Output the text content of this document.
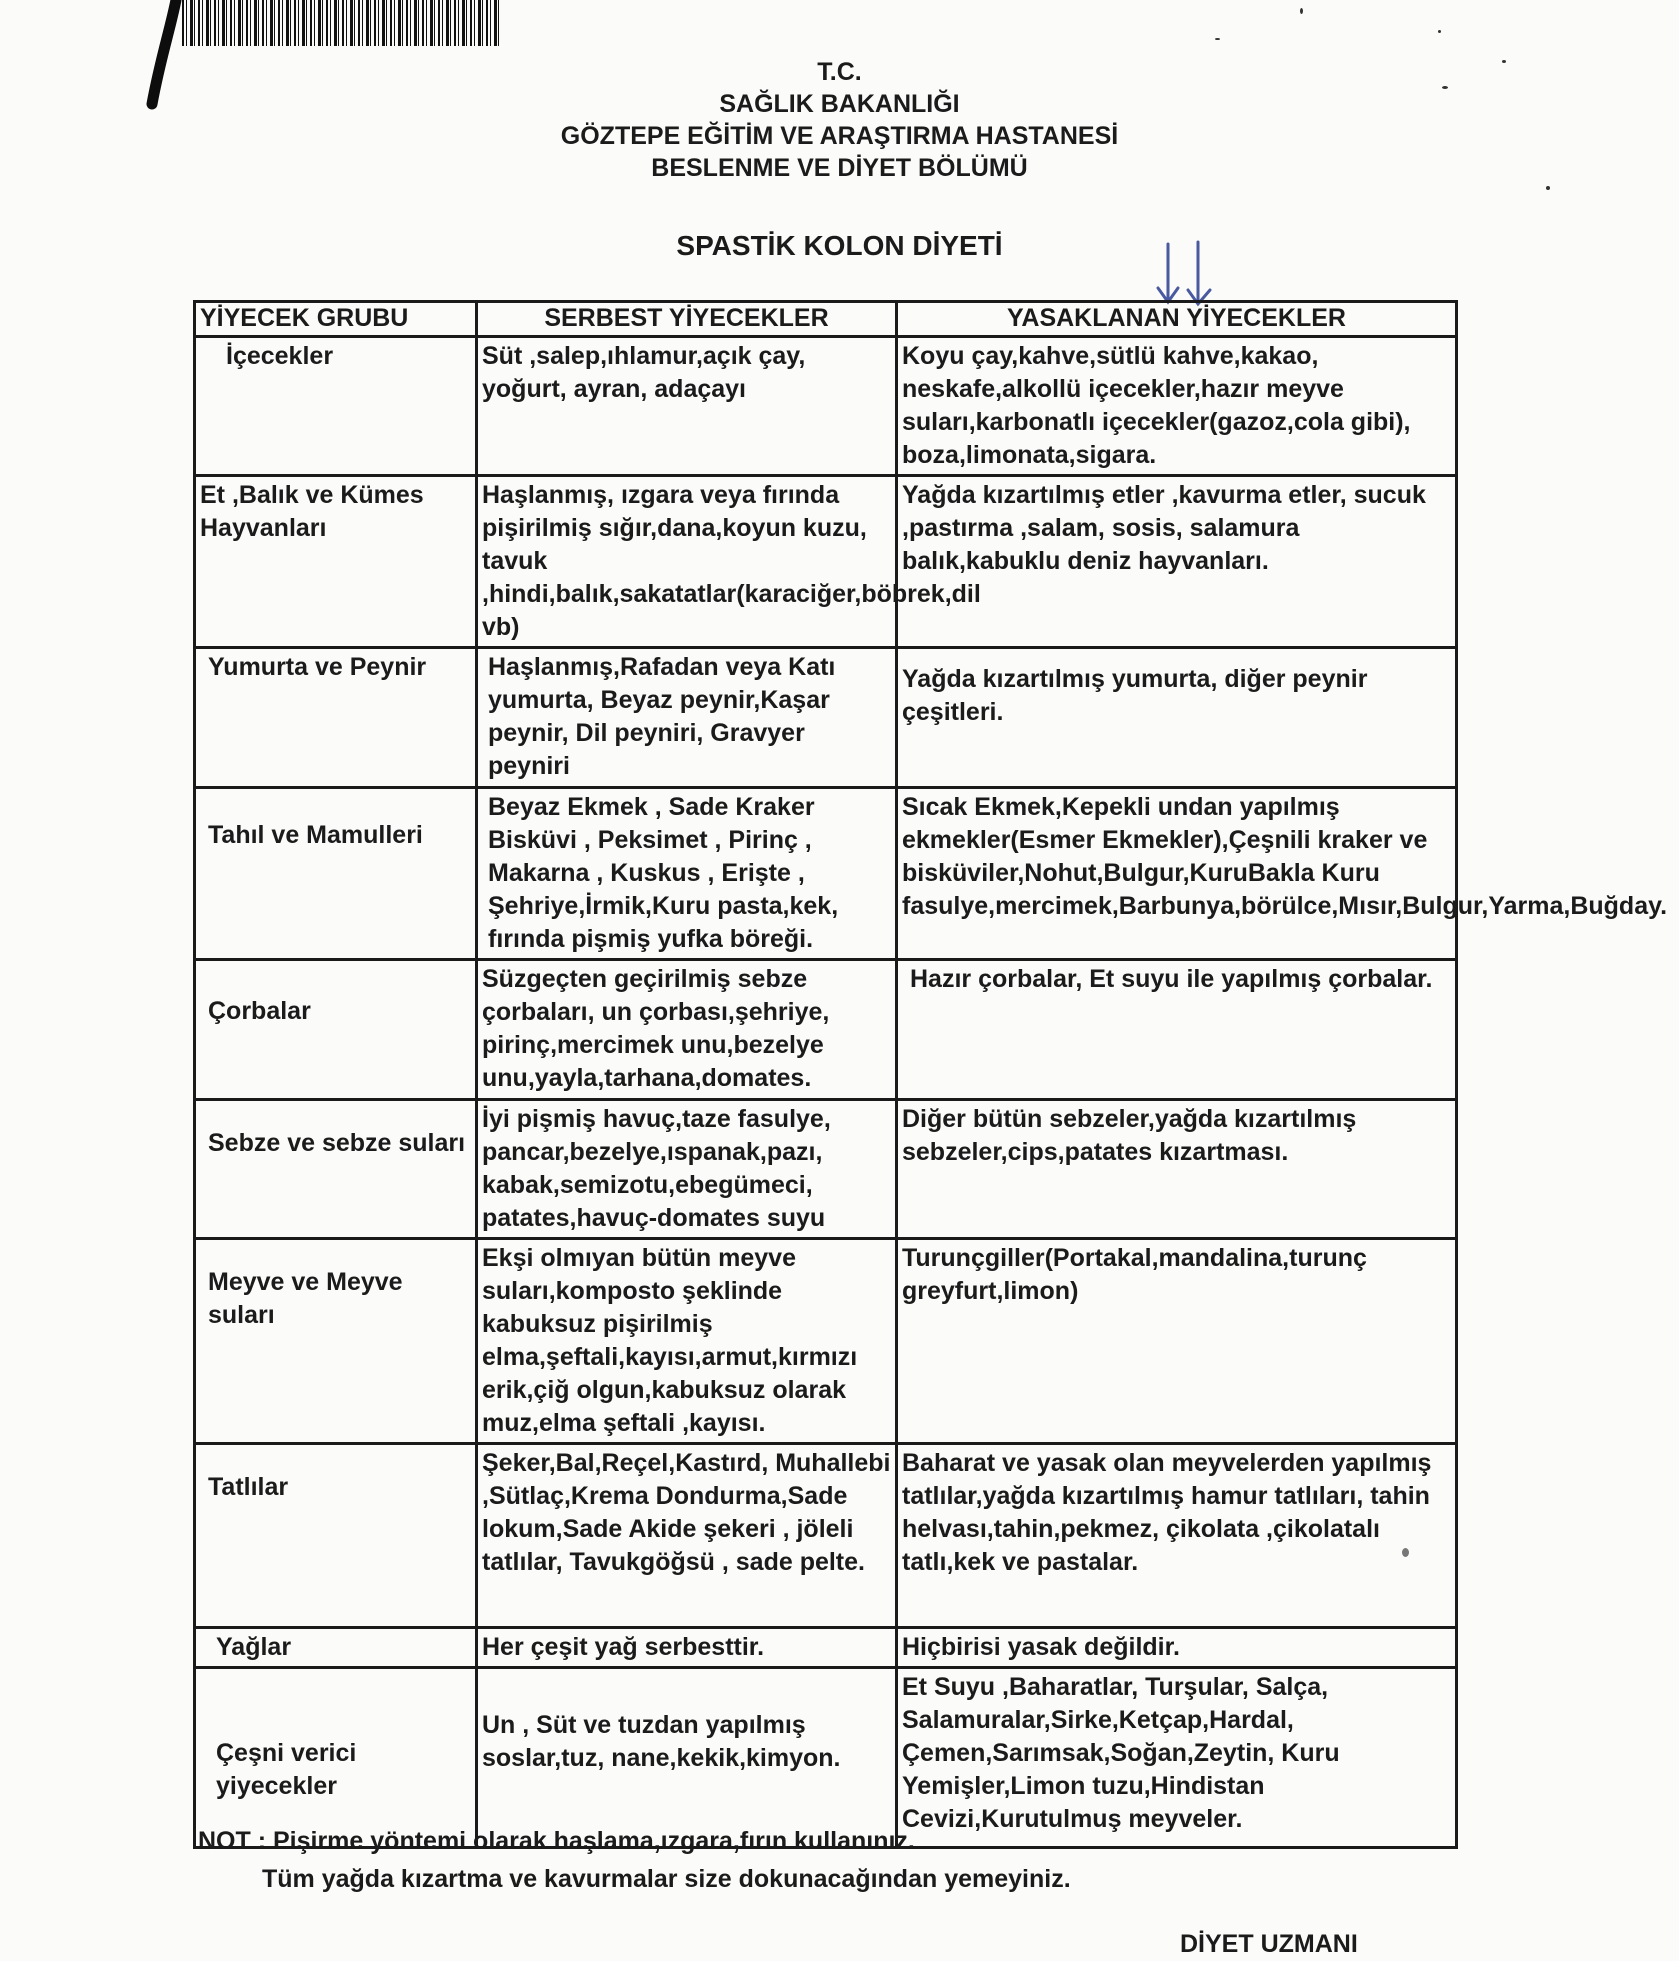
T.C.
SAĞLIK BAKANLIĞI
GÖZTEPE EĞİTİM VE ARAŞTIRMA HASTANESİ
BESLENME VE DİYET BÖLÜMÜ
SPASTİK KOLON DİYETİ
YİYECEK GRUBU	SERBEST YİYECEKLER	YASAKLANAN YİYECEKLER
İçecekler	Süt ,salep,ıhlamur,açık çay, yoğurt, ayran, adaçayı	Koyu çay,kahve,sütlü kahve,kakao, neskafe,alkollü içecekler,hazır meyve suları,karbonatlı içecekler(gazoz,cola gibi), boza,limonata,sigara.
Et ,Balık ve Kümes Hayvanları	Haşlanmış, ızgara veya fırında pişirilmiş sığır,dana,koyun kuzu, tavuk ,hindi,balık,sakatatlar(karaciğer,böbrek,dil vb)	Yağda kızartılmış etler ,kavurma etler, sucuk ,pastırma ,salam, sosis, salamura balık,kabuklu deniz hayvanları.
Yumurta ve Peynir	Haşlanmış,Rafadan veya Katı yumurta, Beyaz peynir,Kaşar peynir, Dil peyniri, Gravyer peyniri	Yağda kızartılmış yumurta, diğer peynir çeşitleri.
Tahıl ve Mamulleri	Beyaz Ekmek , Sade Kraker Bisküvi , Peksimet , Pirinç , Makarna , Kuskus , Erişte , Şehriye,İrmik,Kuru pasta,kek, fırında pişmiş yufka böreği.	Sıcak Ekmek,Kepekli undan yapılmış ekmekler(Esmer Ekmekler),Çeşnili kraker ve bisküviler,Nohut,Bulgur,KuruBakla Kuru fasulye,mercimek,Barbunya,börülce,Mısır,Bulgur,Yarma,Buğday.
Çorbalar	Süzgeçten geçirilmiş sebze çorbaları, un çorbası,şehriye, pirinç,mercimek unu,bezelye unu,yayla,tarhana,domates.	Hazır çorbalar, Et suyu ile yapılmış çorbalar.
Sebze ve sebze suları	İyi pişmiş havuç,taze fasulye, pancar,bezelye,ıspanak,pazı, kabak,semizotu,ebegümeci, patates,havuç-domates suyu	Diğer bütün sebzeler,yağda kızartılmış sebzeler,cips,patates kızartması.
Meyve ve Meyve suları	Ekşi olmıyan bütün meyve suları,komposto şeklinde kabuksuz pişirilmiş elma,şeftali,kayısı,armut,kırmızı erik,çiğ olgun,kabuksuz olarak muz,elma şeftali ,kayısı.	Turunçgiller(Portakal,mandalina,turunç greyfurt,limon)
Tatlılar	Şeker,Bal,Reçel,Kastırd, Muhallebi ,Sütlaç,Krema Dondurma,Sade lokum,Sade Akide şekeri , jöleli tatlılar, Tavukgöğsü , sade pelte.	Baharat ve yasak olan meyvelerden yapılmış tatlılar,yağda kızartılmış hamur tatlıları, tahin helvası,tahin,pekmez, çikolata ,çikolatalı tatlı,kek ve pastalar.
Yağlar	Her çeşit yağ serbesttir.	Hiçbirisi yasak değildir.
Çeşni verici yiyecekler	Un , Süt ve tuzdan yapılmış soslar,tuz, nane,kekik,kimyon.	Et Suyu ,Baharatlar, Turşular, Salça, Salamuralar,Sirke,Ketçap,Hardal, Çemen,Sarımsak,Soğan,Zeytin, Kuru Yemişler,Limon tuzu,Hindistan Cevizi,Kurutulmuş meyveler.
NOT : Pişirme yöntemi olarak haşlama,ızgara,fırın kullanınız.
Tüm yağda kızartma ve kavurmalar size dokunacağından yemeyiniz.
DİYET UZMANI
